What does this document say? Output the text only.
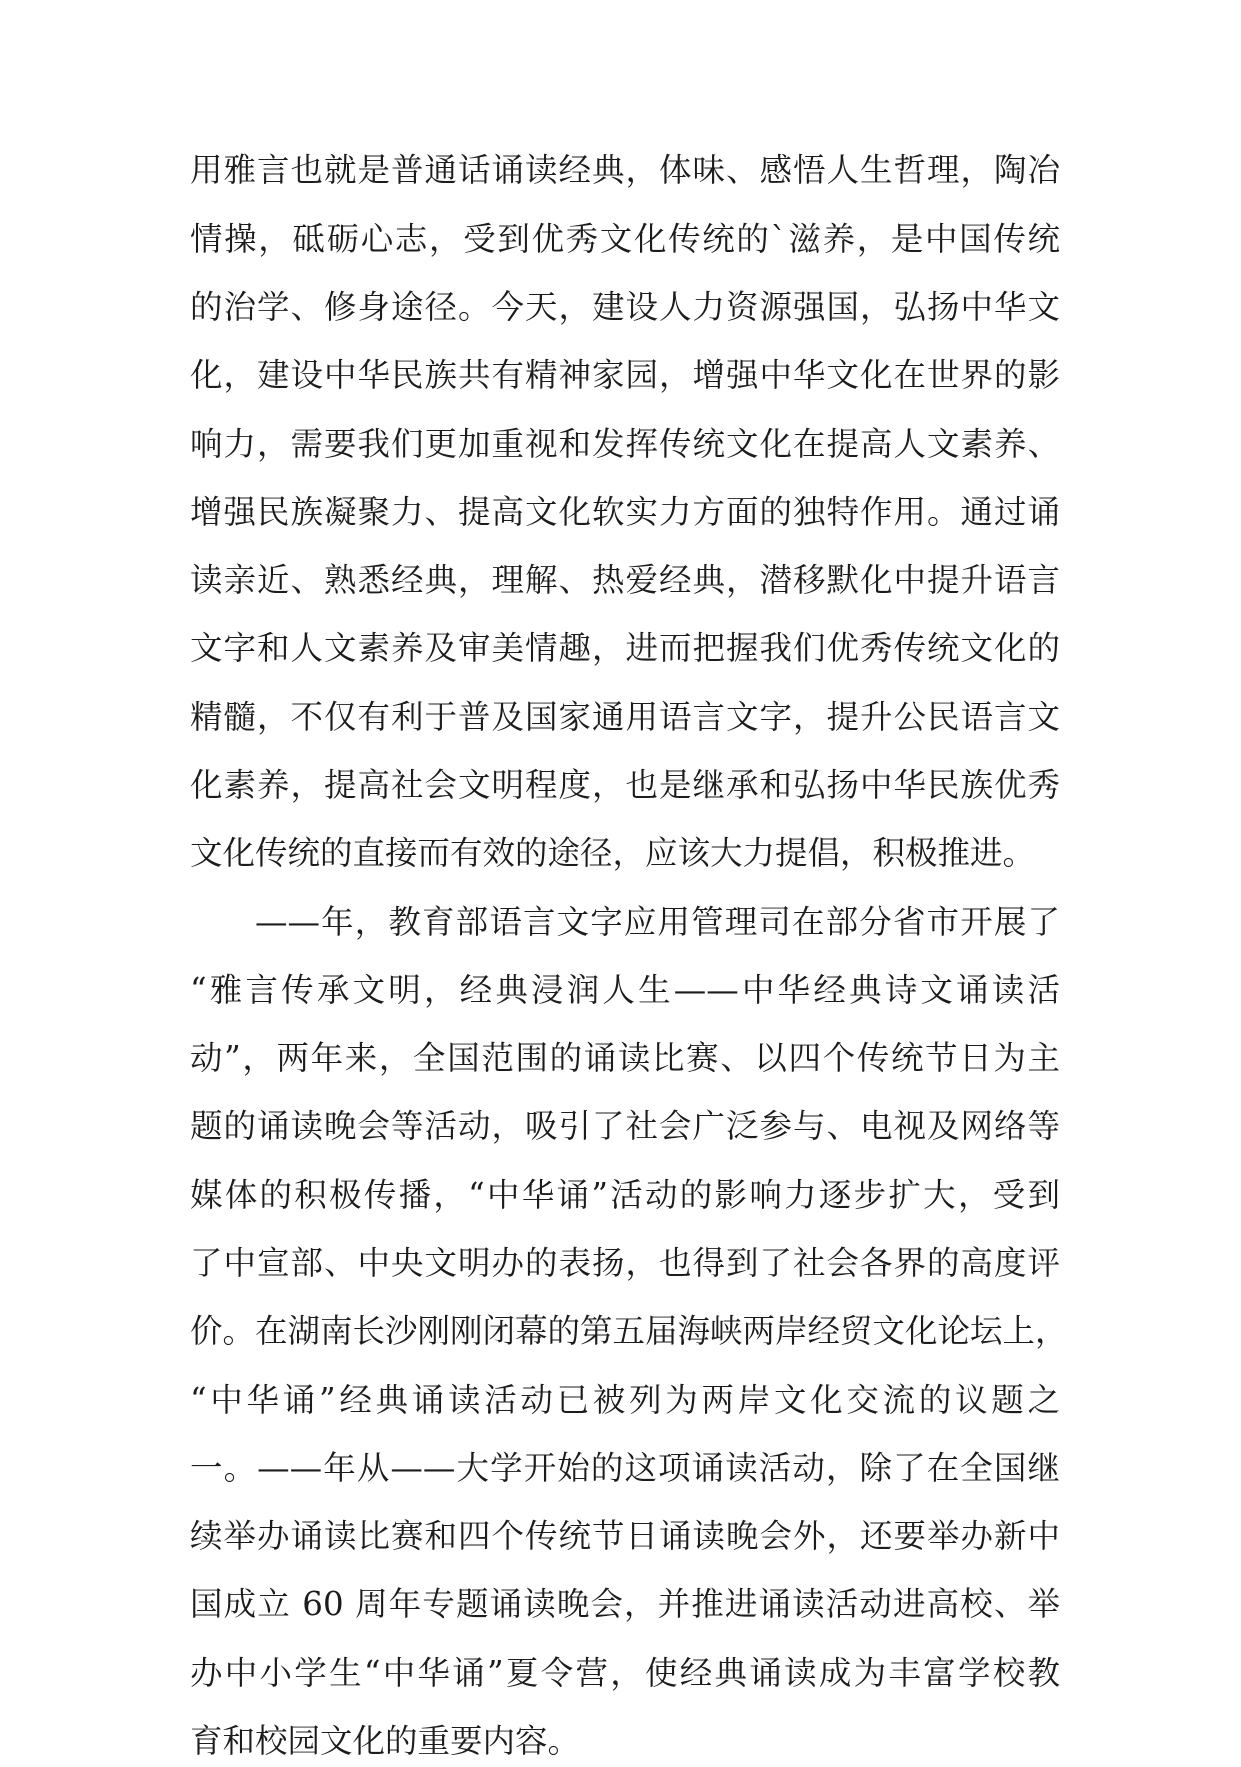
用雅言也就是普通话诵读经典，体味、感悟人生哲理，陶冶

情操，砥砺心志，受到优秀文化传统的`滋养，是中国传统

的治学、修身途径。今天，建设人力资源强国，弘扬中华文

化，建设中华民族共有精神家园，增强中华文化在世界的影

响力，需要我们更加重视和发挥传统文化在提高人文素养、

增强民族凝聚力、提高文化软实力方面的独特作用。通过诵

读亲近、熟悉经典，理解、热爱经典，潜移默化中提升语言

文字和人文素养及审美情趣，进而把握我们优秀传统文化的

精髓，不仅有利于普及国家通用语言文字，提升公民语言文

化素养，提高社会文明程度，也是继承和弘扬中华民族优秀

文化传统的直接而有效的途径，应该大力提倡，积极推进。

——年，教育部语言文字应用管理司在部分省市开展了

“雅言传承文明，经典浸润人生——中华经典诗文诵读活

动”，两年来，全国范围的诵读比赛、以四个传统节日为主

题的诵读晚会等活动，吸引了社会广泛参与、电视及网络等

媒体的积极传播，“中华诵”活动的影响力逐步扩大，受到

了中宣部、中央文明办的表扬，也得到了社会各界的高度评

价。在湖南长沙刚刚闭幕的第五届海峡两岸经贸文化论坛上，

“中华诵”经典诵读活动已被列为两岸文化交流的议题之

一。——年从——大学开始的这项诵读活动，除了在全国继

续举办诵读比赛和四个传统节日诵读晚会外，还要举办新中

国成立 60 周年专题诵读晚会，并推进诵读活动进高校、举

办中小学生“中华诵”夏令营，使经典诵读成为丰富学校教

育和校园文化的重要内容。
